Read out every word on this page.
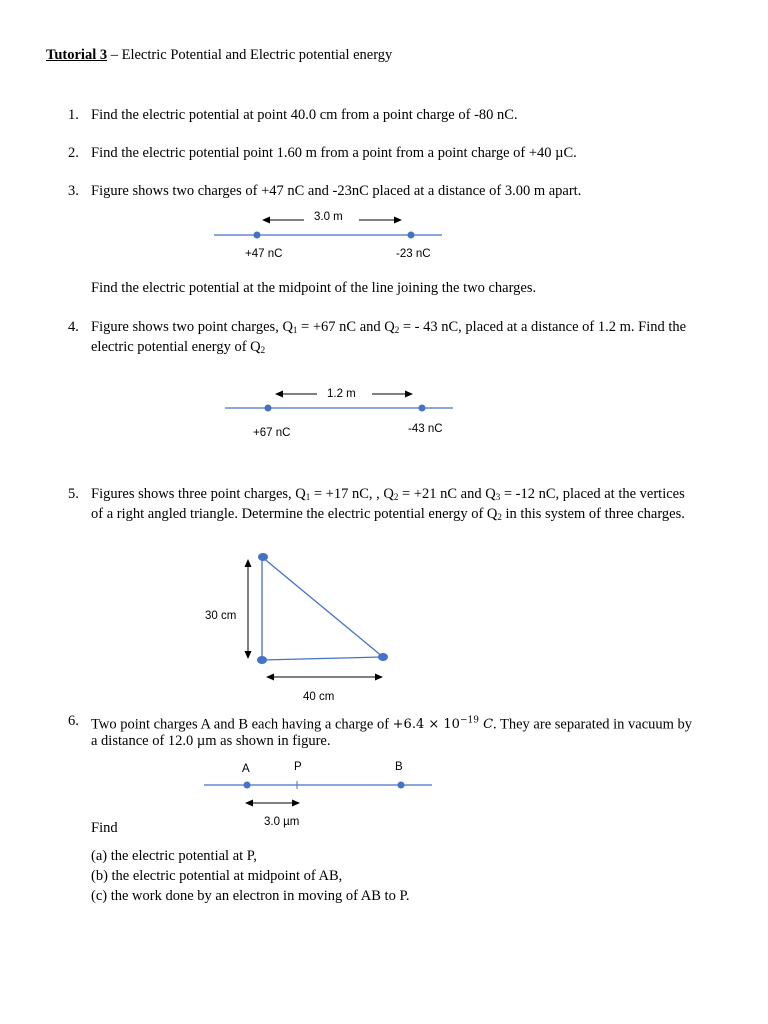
Tutorial 3 – Electric Potential and Electric potential energy
1. Find the electric potential at point 40.0 cm from a point charge of -80 nC.
2. Find the electric potential point 1.60 m from a point from a point charge of +40 µC.
3. Figure shows two charges of +47 nC and -23nC placed at a distance of 3.00 m apart.
3.0 m
+47 nC	-23 nC
Find the electric potential at the midpoint of the line joining the two charges.
4. Figure shows two point charges, $Q_1 = +67$ nC and $Q_2$ = - 43 nC, placed at a distance of 1.2 m. Find the
electric potential energy of $Q_2$
1.2 m
+67 nC	-43 nC
5. Figures shows three point charges, $Q_1 = +17$ nC, , $Q_2 = +21$ nC and $Q_3 = -12$ nC, placed at the vertices
of a right angled triangle. Determine the electric potential energy of $Q_2$ in this system of three charges.
30 cm
40 cm
6. Two point charges A and B each having a charge of $+6.4 \times 10^{-19}$ C. They are separated in vacuum by
a distance of 12.0 µm as shown in figure.
A	P	B
3.0 µm
Find
(a) the electric potential at P,
(b) the electric potential at midpoint of AB,
(c) the work done by an electron in moving of AB to P.
